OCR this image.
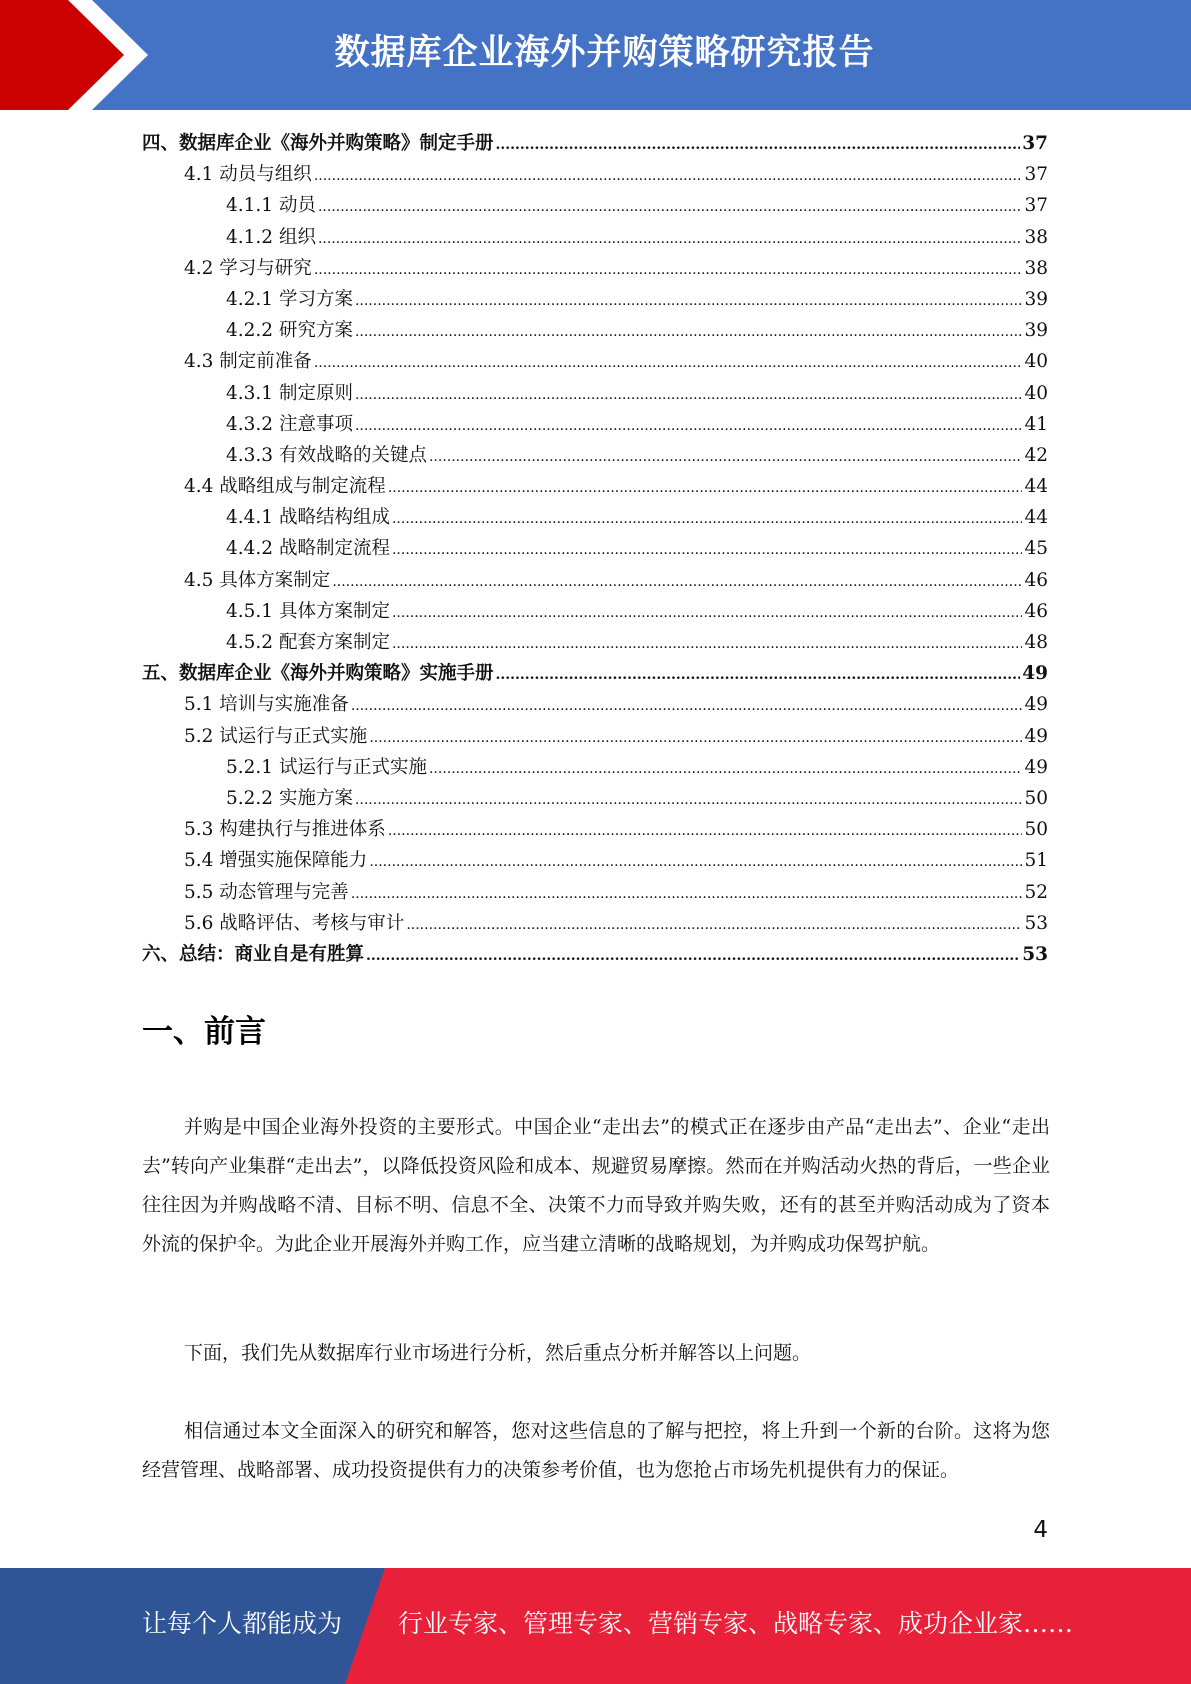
数据库企业海外并购策略研究报告
四、数据库企业《海外并购策略》制定手册 .....	37
4.1 动员与组织 .....	37
4.1.1 动员 .....	37
4.1.2 组织 .....	38
4.2 学习与研究 .....	38
4.2.1 学习方案 .....	39
4.2.2 研究方案 .....	39
4.3 制定前准备 .....	40
4.3.1 制定原则 .....	40
4.3.2 注意事项 .....	41
4.3.3 有效战略的关键点 .....	42
4.4 战略组成与制定流程 .....	44
4.4.1 战略结构组成 .....	44
4.4.2 战略制定流程 .....	45
4.5 具体方案制定 .....	46
4.5.1 具体方案制定 .....	46
4.5.2 配套方案制定 .....	48
五、数据库企业《海外并购策略》实施手册 .....	49
5.1 培训与实施准备 .....	49
5.2 试运行与正式实施 .....	49
5.2.1 试运行与正式实施 .....	49
5.2.2 实施方案 .....	50
5.3 构建执行与推进体系 .....	50
5.4 增强实施保障能力 .....	51
5.5 动态管理与完善 .....	52
5.6 战略评估、考核与审计 .....	53
六、总结：商业自是有胜算 .....	53
一、前言

并购是中国企业海外投资的主要形式。中国企业“走出去”的模式正在逐步由产品“走出去”、企业“走出去”转向产业集群“走出去”，以降低投资风险和成本、规避贸易摩擦。然而在并购活动火热的背后，一些企业往往因为并购战略不清、目标不明、信息不全、决策不力而导致并购失败，还有的甚至并购活动成为了资本外流的保护伞。为此企业开展海外并购工作，应当建立清晰的战略规划，为并购成功保驾护航。

下面，我们先从数据库行业市场进行分析，然后重点分析并解答以上问题。

相信通过本文全面深入的研究和解答，您对这些信息的了解与把控，将上升到一个新的台阶。这将为您经营管理、战略部署、成功投资提供有力的决策参考价值，也为您抢占市场先机提供有力的保证。

4
让每个人都能成为 行业专家、管理专家、营销专家、战略专家、成功企业家……
